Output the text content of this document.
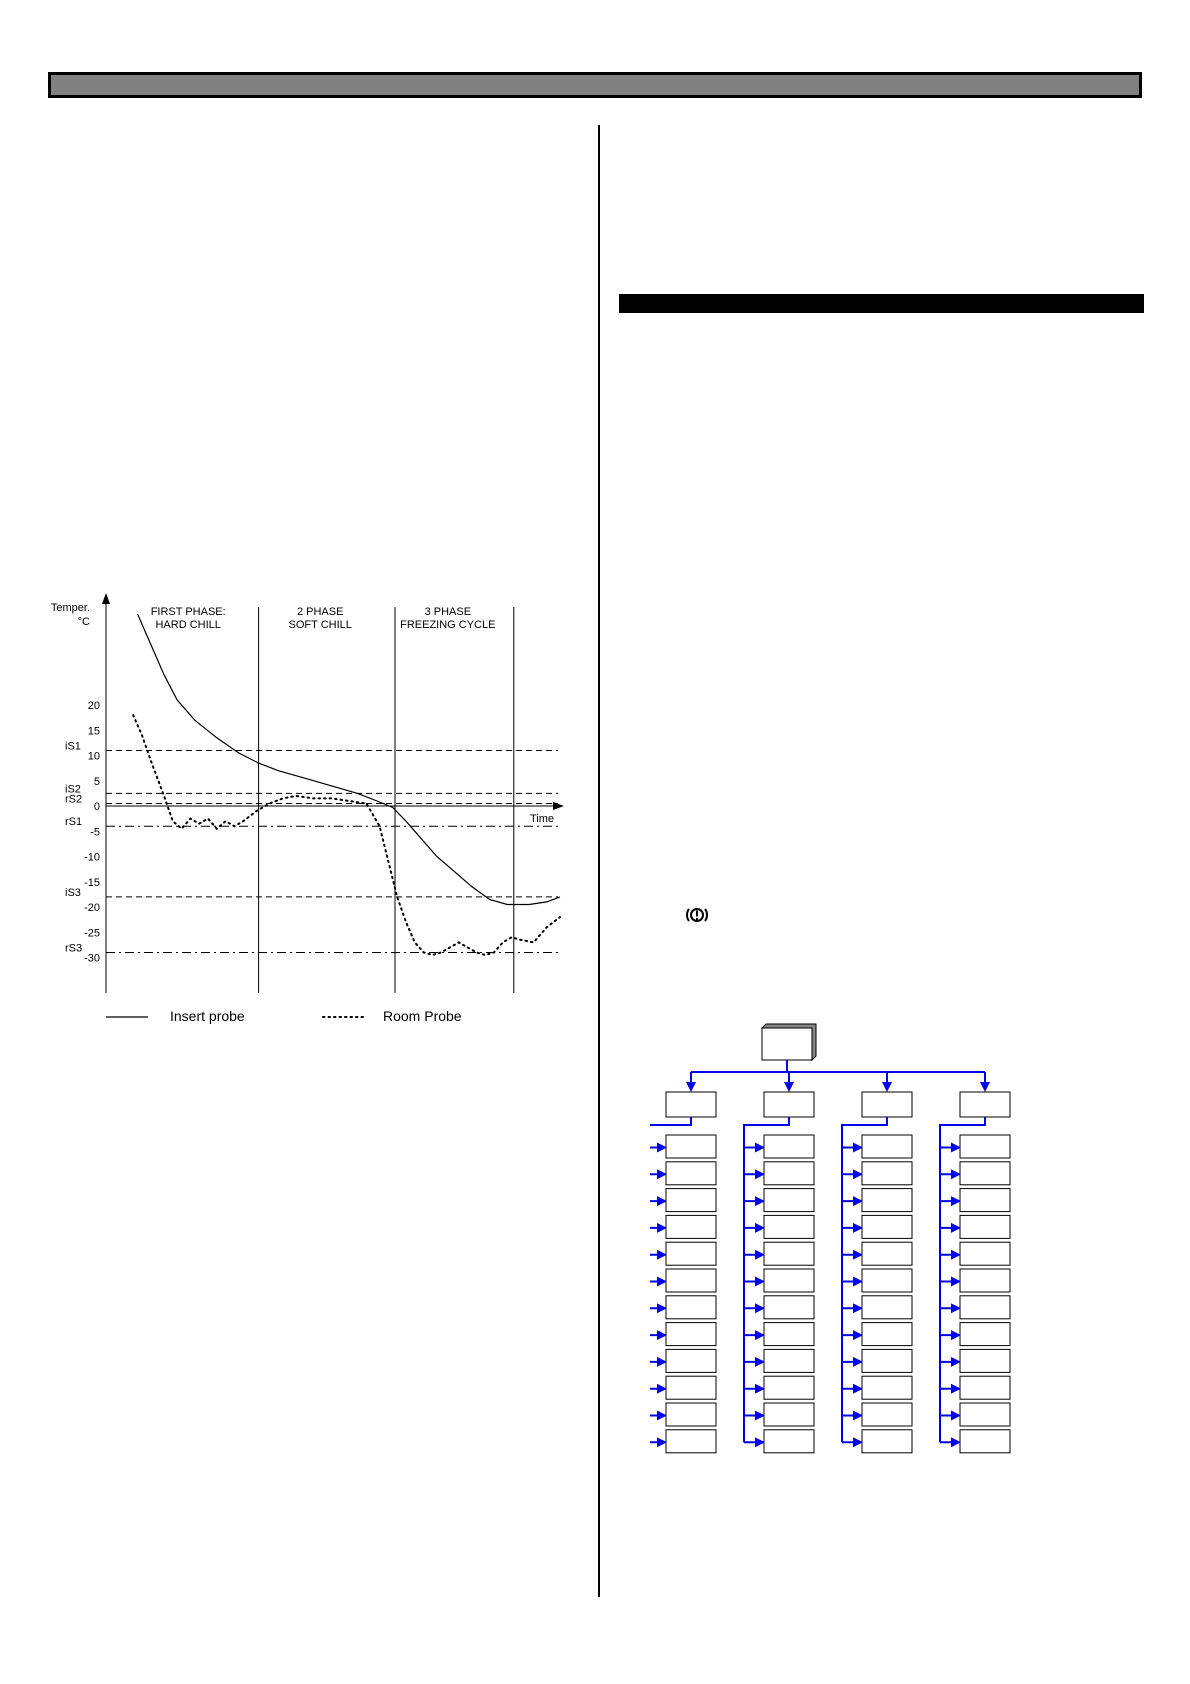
Temper.
°C
Time
20
15
10
5
0
-5
-10
-15
-20
-25
-30
FIRST PHASE:
HARD CHILL
2 PHASE
SOFT CHILL
3 PHASE
FREEZING CYCLE
iS1
iS2
rS2
rS1
iS3
rS3
Insert probe	Room Probe
